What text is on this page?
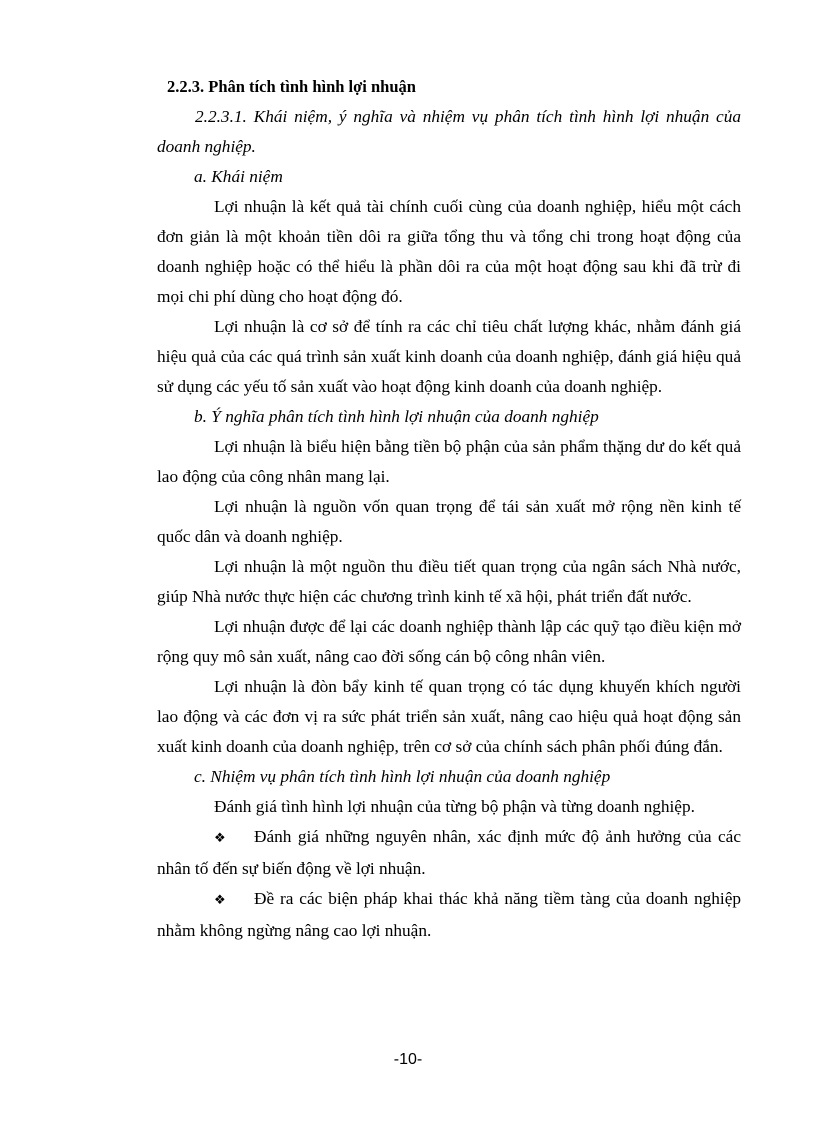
2.2.3. Phân tích tình hình lợi nhuận

2.2.3.1. Khái niệm, ý nghĩa và nhiệm vụ phân tích tình hình lợi nhuận của doanh nghiệp.

a. Khái niệm

Lợi nhuận là kết quả tài chính cuối cùng của doanh nghiệp, hiểu một cách đơn giản là một khoản tiền dôi ra giữa tổng thu và tổng chi trong hoạt động của doanh nghiệp hoặc có thể hiểu là phần dôi ra của một hoạt động sau khi đã trừ đi mọi chi phí dùng cho hoạt động đó.

Lợi nhuận là cơ sở để tính ra các chỉ tiêu chất lượng khác, nhằm đánh giá hiệu quả của các quá trình sản xuất kinh doanh của doanh nghiệp, đánh giá hiệu quả sử dụng các yếu tố sản xuất vào hoạt động kinh doanh của doanh nghiệp.

b. Ý nghĩa phân tích tình hình lợi nhuận của doanh nghiệp

Lợi nhuận là biểu hiện bằng tiền bộ phận của sản phẩm thặng dư do kết quả lao động của công nhân mang lại.

Lợi nhuận là nguồn vốn quan trọng để tái sản xuất mở rộng nền kinh tế quốc dân và doanh nghiệp.

Lợi nhuận là một nguồn thu điều tiết quan trọng của ngân sách Nhà nước, giúp Nhà nước thực hiện các chương trình kinh tế xã hội, phát triển đất nước.

Lợi nhuận được để lại các doanh nghiệp thành lập các quỹ tạo điều kiện mở rộng quy mô sản xuất, nâng cao đời sống cán bộ công nhân viên.

Lợi nhuận là đòn bẩy kinh tế quan trọng có tác dụng khuyến khích người lao động và các đơn vị ra sức phát triển sản xuất, nâng cao hiệu quả hoạt động sản xuất kinh doanh của doanh nghiệp, trên cơ sở của chính sách phân phối đúng đắn.

c. Nhiệm vụ phân tích tình hình lợi nhuận của doanh nghiệp

Đánh giá tình hình lợi nhuận của từng bộ phận và từng doanh nghiệp.

❖ Đánh giá những nguyên nhân, xác định mức độ ảnh hưởng của các nhân tố đến sự biến động về lợi nhuận.

❖ Đề ra các biện pháp khai thác khả năng tiềm tàng của doanh nghiệp nhằm không ngừng nâng cao lợi nhuận.

-10-
